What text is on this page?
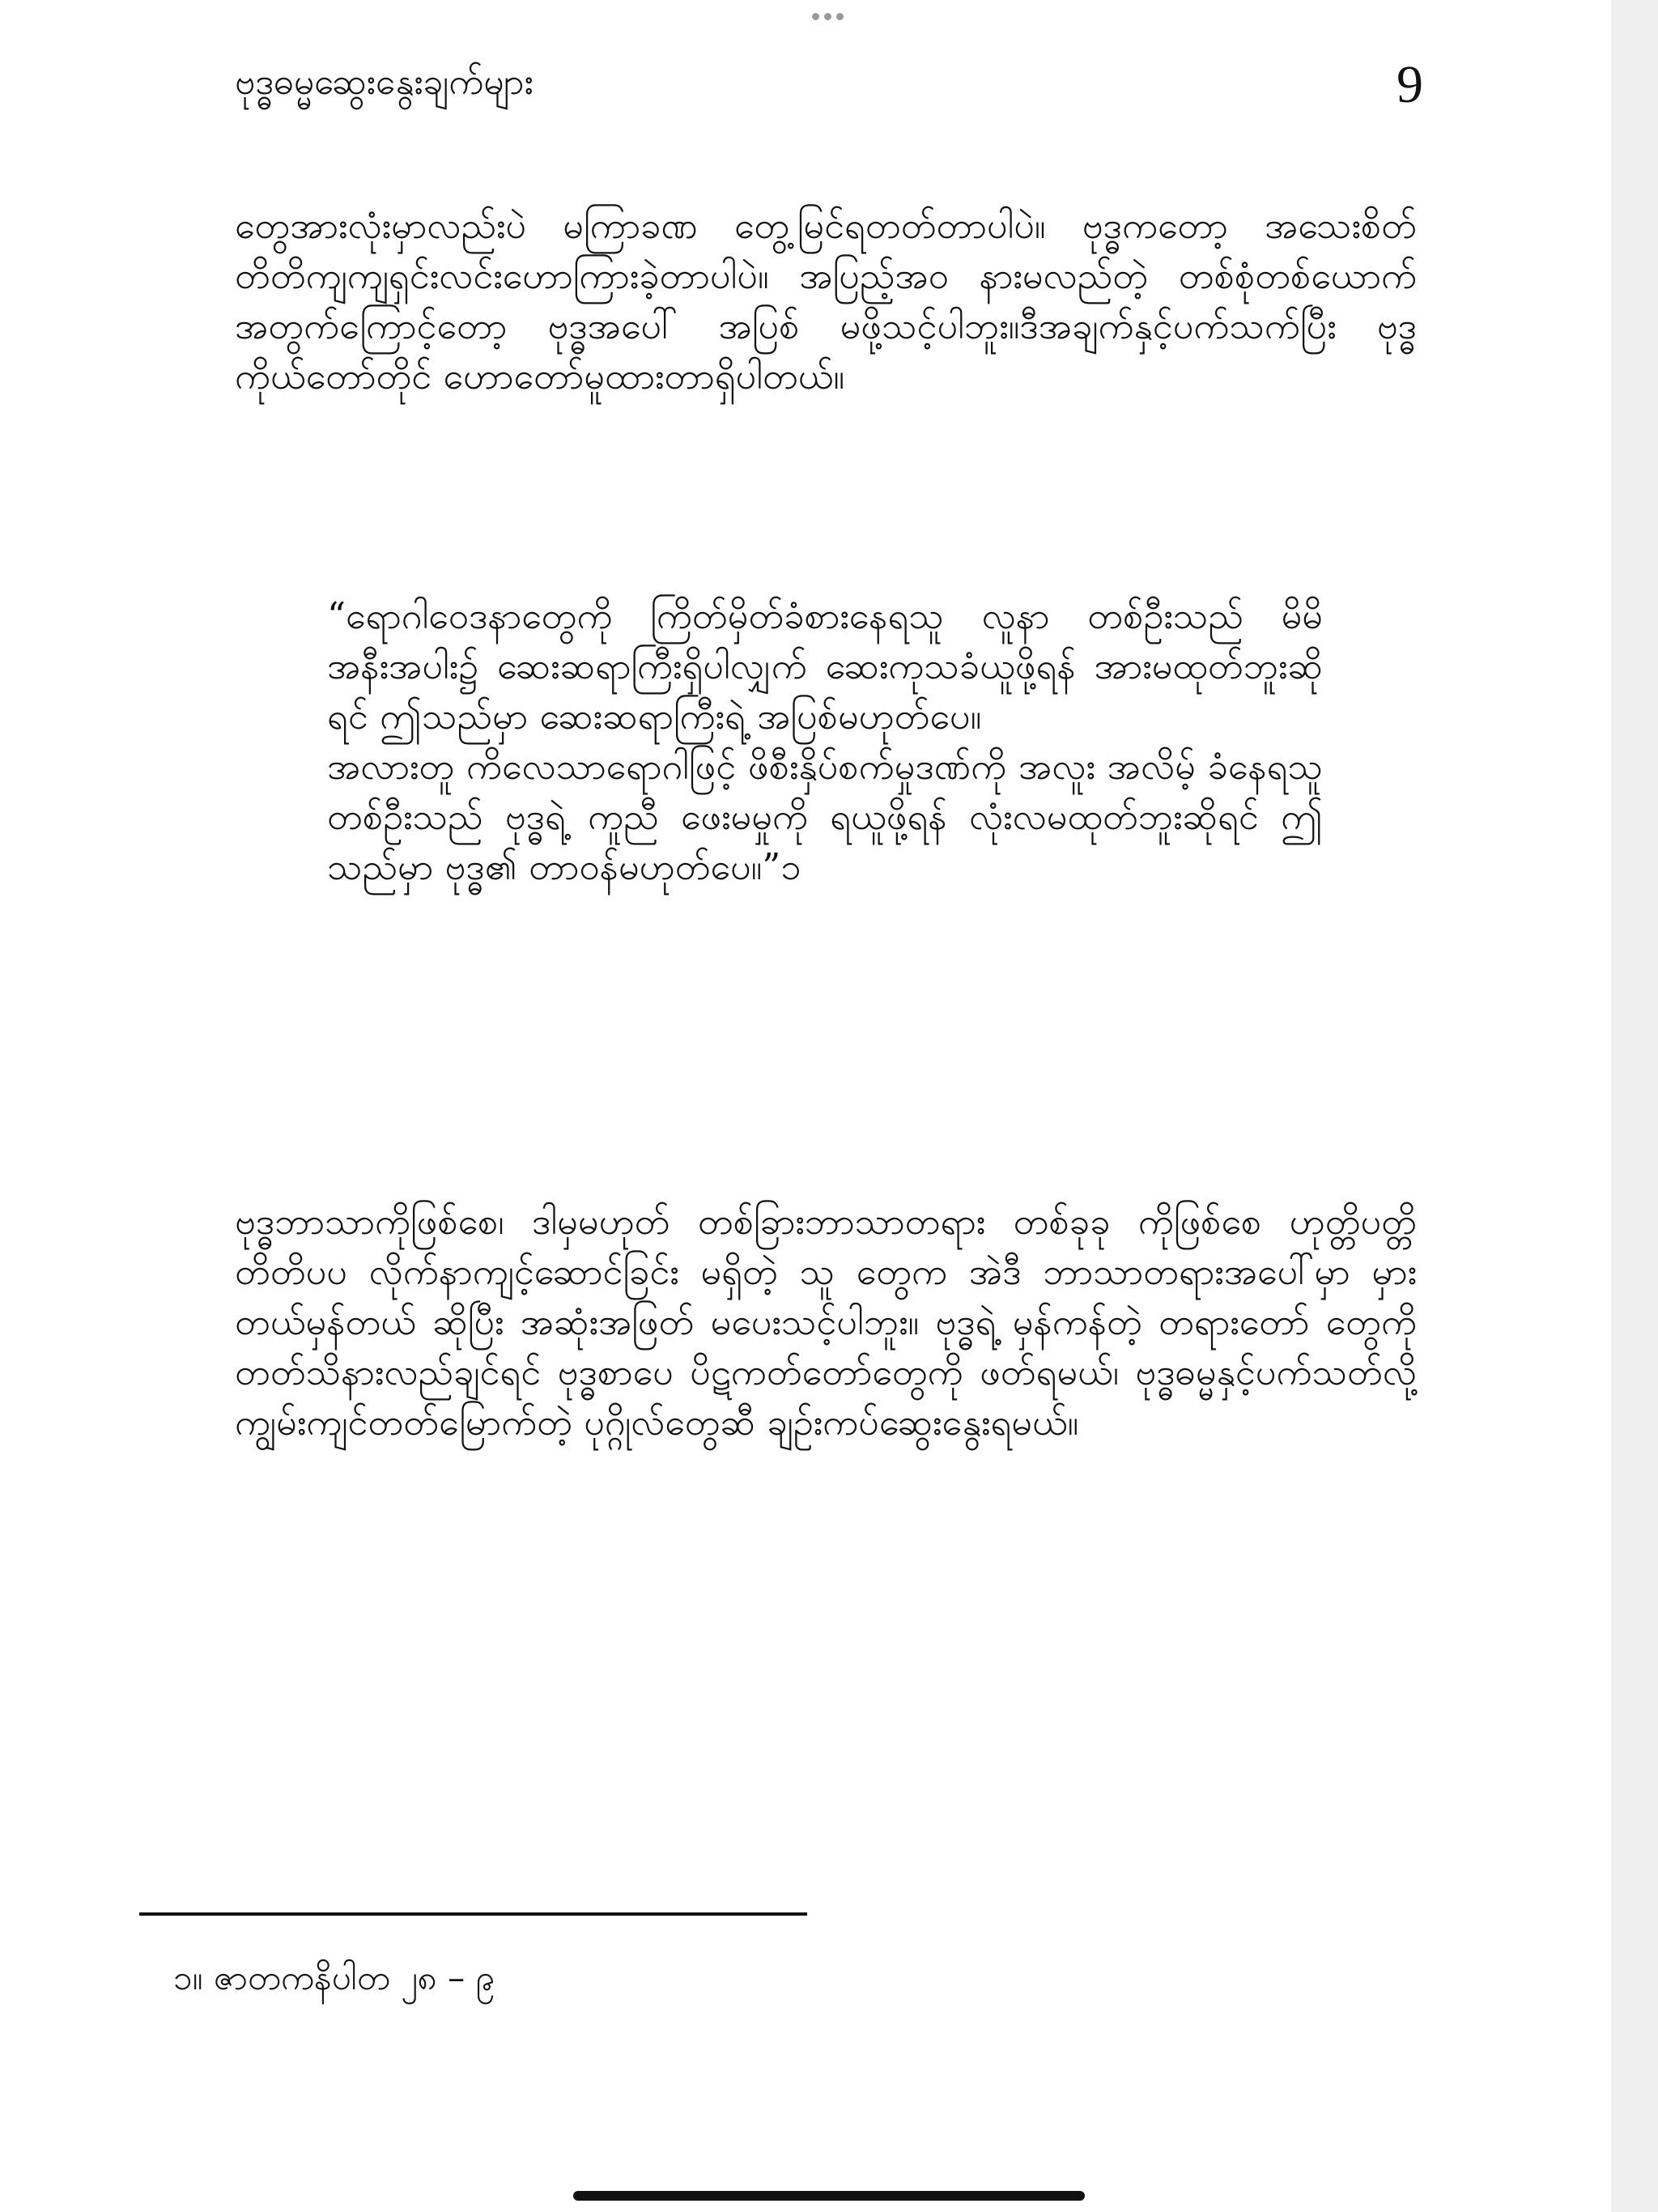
ဗုဒ္ဓဓမ္မဆွေးနွေးချက်များ	9
တွေအားလုံးမှာလည်းပဲ မကြာခဏ တွေ့မြင်ရတတ်တာပါပဲ။ ဗုဒ္ဓကတော့ အသေးစိတ် တိတိကျကျရှင်းလင်းဟောကြားခဲ့တာပါပဲ။ အပြည့်အဝ နားမလည်တဲ့ တစ်စုံတစ်ယောက် အတွက်ကြောင့်တော့ ဗုဒ္ဓအပေါ် အပြစ် မဖို့သင့်ပါဘူး။ဒီအချက်နှင့်ပက်သက်ပြီး ဗုဒ္ဓ ကိုယ်တော်တိုင် ဟောတော်မူထားတာရှိပါတယ်။

“ရောဂါဝေဒနာတွေကို ကြိတ်မှိတ်ခံစားနေရသူ လူနာ တစ်ဦးသည် မိမိအနီးအပါး၌ ဆေးဆရာကြီးရှိပါလျှက် ဆေးကုသခံယူဖို့ရန် အားမထုတ်ဘူးဆိုရင် ဤသည်မှာ ဆေးဆရာကြီးရဲ့ အပြစ်မဟုတ်ပေ။

အလားတူ ကိလေသာရောဂါဖြင့် ဖိစီးနှိပ်စက်မှုဒဏ်ကို အလူး အလိမ့် ခံနေရသူတစ်ဦးသည် ဗုဒ္ဓရဲ့ ကူညီ ဖေးမမှုကို ရယူဖို့ရန် လုံးလမထုတ်ဘူးဆိုရင် ဤသည်မှာ ဗုဒ္ဓ၏ တာဝန်မဟုတ်ပေ။”၁

ဗုဒ္ဓဘာသာကိုဖြစ်စေ၊ ဒါမှမဟုတ် တစ်ခြားဘာသာတရား တစ်ခုခု ကိုဖြစ်စေ ဟုတ္တိပတ္တိ တိတိပပ လိုက်နာကျင့်ဆောင်ခြင်း မရှိတဲ့ သူ တွေက အဲဒီ ဘာသာတရားအပေါ်မှာ မှားတယ်မှန်တယ် ဆိုပြီး အဆုံးအဖြတ် မပေးသင့်ပါဘူး။ ဗုဒ္ဓရဲ့ မှန်ကန်တဲ့ တရားတော် တွေကို တတ်သိနားလည်ချင်ရင် ဗုဒ္ဓစာပေ ပိဋကတ်တော်တွေကို ဖတ်ရမယ်၊ ဗုဒ္ဓဓမ္မနှင့်ပက်သတ်လို့ ကျွမ်းကျင်တတ်မြောက်တဲ့ ပုဂ္ဂိုလ်တွေဆီ ချဉ်းကပ်ဆွေးနွေးရမယ်။
၁။ ဇာတကနိပါတ ၂၈ – ၉
